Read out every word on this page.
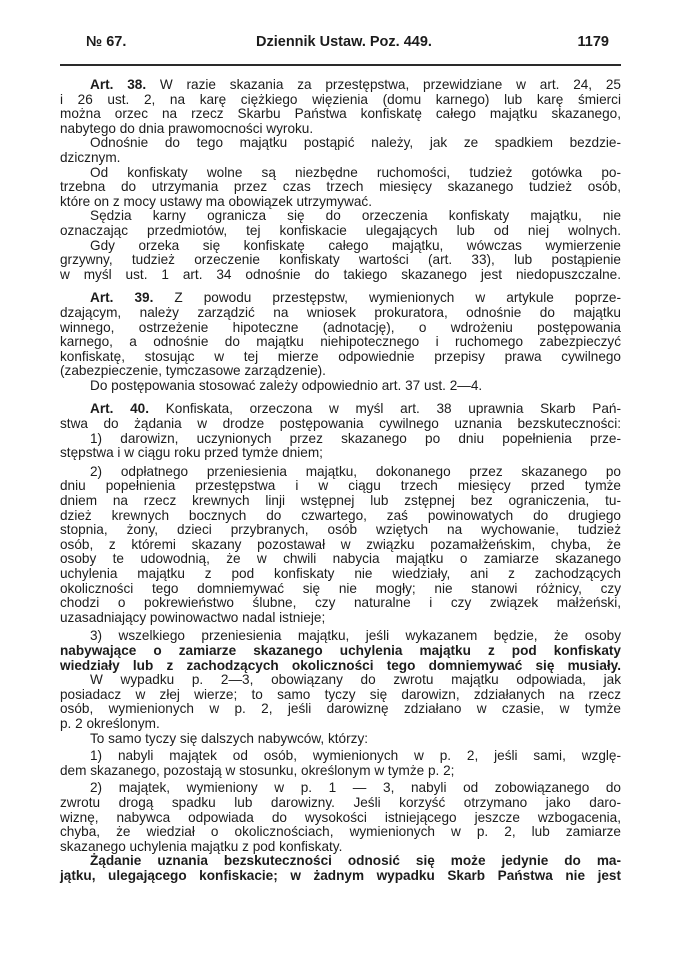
№ 67.	Dziennik Ustaw. Poz. 449.	1179
Art. 38. W razie skazania za przestępstwa, przewidziane w art. 24, 25
i 26 ust. 2, na karę ciężkiego więzienia (domu karnego) lub karę śmierci
można orzec na rzecz Skarbu Państwa konfiskatę całego majątku skazanego,
nabytego do dnia prawomocności wyroku.
Odnośnie do tego majątku postąpić należy, jak ze spadkiem bezdzie-
dzicznym.
Od konfiskaty wolne są niezbędne ruchomości, tudzież gotówka po-
trzebna do utrzymania przez czas trzech miesięcy skazanego tudzież osób,
które on z mocy ustawy ma obowiązek utrzymywać.
Sędzia karny ogranicza się do orzeczenia konfiskaty majątku, nie
oznaczając przedmiotów, tej konfiskacie ulegających lub od niej wolnych.
Gdy orzeka się konfiskatę całego majątku, wówczas wymierzenie
grzywny, tudzież orzeczenie konfiskaty wartości (art. 33), lub postąpienie
w myśl ust. 1 art. 34 odnośnie do takiego skazanego jest niedopuszczalne.
Art. 39. Z powodu przestępstw, wymienionych w artykule poprze-
dzającym, należy zarządzić na wniosek prokuratora, odnośnie do majątku
winnego, ostrzeżenie hipoteczne (adnotację), o wdrożeniu postępowania
karnego, a odnośnie do majątku niehipotecznego i ruchomego zabezpieczyć
konfiskatę, stosując w tej mierze odpowiednie przepisy prawa cywilnego
(zabezpieczenie, tymczasowe zarządzenie).
Do postępowania stosować zależy odpowiednio art. 37 ust. 2—4.
Art. 40. Konfiskata, orzeczona w myśl art. 38 uprawnia Skarb Pań-
stwa do żądania w drodze postępowania cywilnego uznania bezskuteczności:
1) darowizn, uczynionych przez skazanego po dniu popełnienia prze-
stępstwa i w ciągu roku przed tymże dniem;
2) odpłatnego przeniesienia majątku, dokonanego przez skazanego po
dniu popełnienia przestępstwa i w ciągu trzech miesięcy przed tymże
dniem na rzecz krewnych linji wstępnej lub zstępnej bez ograniczenia, tu-
dzież krewnych bocznych do czwartego, zaś powinowatych do drugiego
stopnia, żony, dzieci przybranych, osób wziętych na wychowanie, tudzież
osób, z któremi skazany pozostawał w związku pozamałżeńskim, chyba, że
osoby te udowodnią, że w chwili nabycia majątku o zamiarze skazanego
uchylenia majątku z pod konfiskaty nie wiedziały, ani z zachodzących
okoliczności tego domniemywać się nie mogły; nie stanowi różnicy, czy
chodzi o pokrewieństwo ślubne, czy naturalne i czy związek małżeński,
uzasadniający powinowactwo nadal istnieje;
3) wszelkiego przeniesienia majątku, jeśli wykazanem będzie, że osoby
nabywające o zamiarze skazanego uchylenia majątku z pod konfiskaty
wiedziały lub z zachodzących okoliczności tego domniemywać się musiały.
W wypadku p. 2—3, obowiązany do zwrotu majątku odpowiada, jak
posiadacz w złej wierze; to samo tyczy się darowizn, zdziałanych na rzecz
osób, wymienionych w p. 2, jeśli darowiznę zdziałano w czasie, w tymże
p. 2 określonym.
To samo tyczy się dalszych nabywców, którzy:
1) nabyli majątek od osób, wymienionych w p. 2, jeśli sami, wzglę-
dem skazanego, pozostają w stosunku, określonym w tymże p. 2;
2) majątek, wymieniony w p. 1 — 3, nabyli od zobowiązanego do
zwrotu drogą spadku lub darowizny. Jeśli korzyść otrzymano jako daro-
wiznę, nabywca odpowiada do wysokości istniejącego jeszcze wzbogacenia,
chyba, że wiedział o okolicznościach, wymienionych w p. 2, lub zamiarze
skazanego uchylenia majątku z pod konfiskaty.
Żądanie uznania bezskuteczności odnosić się może jedynie do ma-
jątku, ulegającego konfiskacie; w żadnym wypadku Skarb Państwa nie jest
